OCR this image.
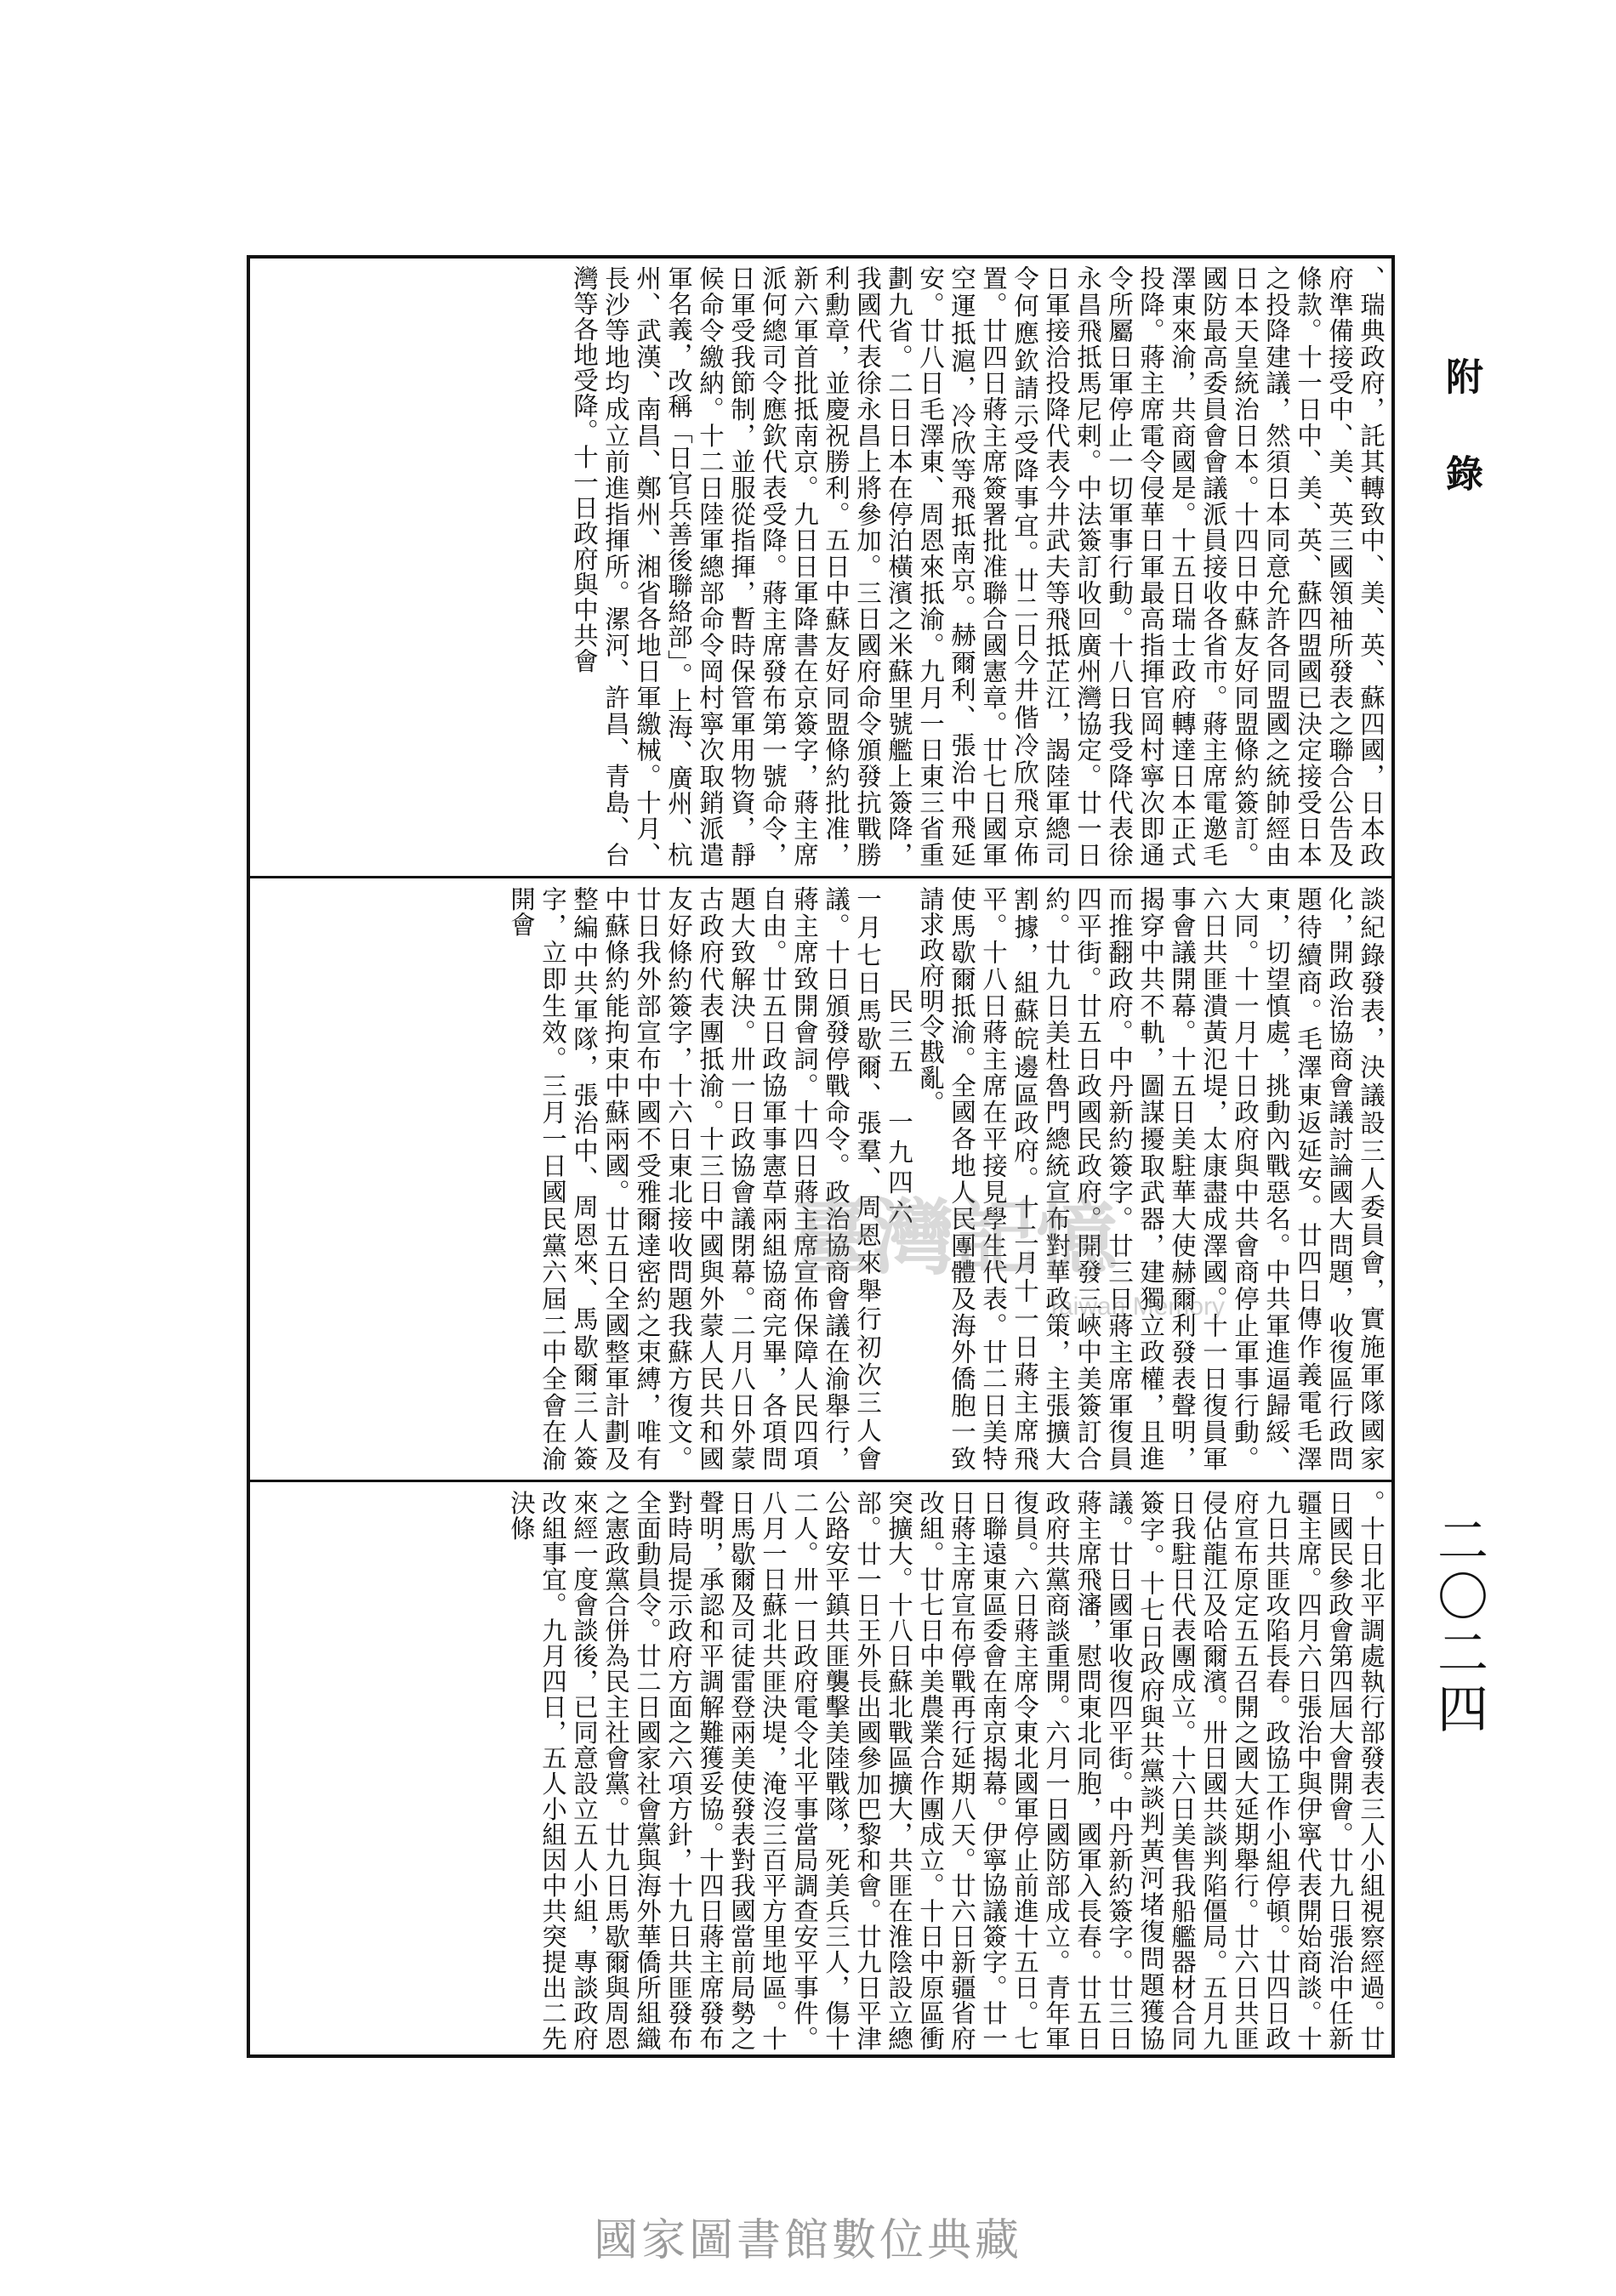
附錄
二〇二四

、瑞典政府，託其轉致中、美、英、蘇四國，日本政府準備接受中、美、英三國領袖所發表之聯合公告及條款。十一日中、美、英、蘇四盟國已決定接受日本之投降建議，然須日本同意允許各同盟國之統帥經由日本天皇統治日本。十四日中蘇友好同盟條約簽訂。國防最高委員會會議派員接收各省市。蔣主席電邀毛澤東來渝，共商國是。十五日瑞士政府轉達日本正式投降。蔣主席電令侵華日軍最高指揮官岡村寧次即通令所屬日軍停止一切軍事行動。十八日我受降代表徐永昌飛抵馬尼剌。中法簽訂收回廣州灣協定。廿一日日軍接洽投降代表今井武夫等飛抵芷江，謁陸軍總司令何應欽請示受降事宜。廿二日今井偕冷欣飛京佈置。廿四日蔣主席簽署批准聯合國憲章。廿七日國軍空運抵滬，冷欣等飛抵南京。赫爾利、張治中飛延安。廿八日毛澤東、周恩來抵渝。九月一日東三省重劃九省。二日日本在停泊橫濱之米蘇里號艦上簽降，我國代表徐永昌上將參加。三日國府命令頒發抗戰勝利勳章，並慶祝勝利。五日中蘇友好同盟條約批准，新六軍首批抵南京。九日日軍降書在京簽字，蔣主席派何總司令應欽代表受降。蔣主席發布第一號命令，日軍受我節制，並服從指揮，暫時保管軍用物資，靜候命令繳納。十二日陸軍總部命令岡村寧次取銷派遣軍名義，改稱「日官兵善後聯絡部」。上海、廣州、杭州、武漢、南昌、鄭州、湘省各地日軍繳械。十月、長沙等地均成立前進指揮所。漯河、許昌、青島、台灣等各地受降。十一日政府與中共會

談紀錄發表，決議設三人委員會，實施軍隊國家化，開政治協商會議討論國大問題，收復區行政問題待續商。毛澤東返延安。廿四日傳作義電毛澤東，切望慎處，挑動內戰惡名。中共軍進逼歸綏、大同。十一月十日政府與中共會商停止軍事行動。六日共匪潰黃氾堤，太康盡成澤國。十一日復員軍事會議開幕。十五日美駐華大使赫爾利發表聲明，揭穿中共不軌，圖謀擾取武器，建獨立政權，且進而推翻政府。中丹新約簽字。廿三日蔣主席軍復員四平街。廿五日政國民政府。開發三峽中美簽訂合約。廿九日美杜魯門總統宣布對華政策，主張擴大割據，組蘇皖邊區政府。十二月十一日蔣主席飛平。十八日蔣主席在平接見學生代表。廿二日美特使馬歇爾抵渝。全國各地人民團體及海外僑胞一致請求政府明令戡亂。

民三五　一九四六

一月七日馬歇爾、張羣、周恩來舉行初次三人會議。十日頒發停戰命令。政治協商會議在渝舉行，蔣主席致開會詞。十四日蔣主席宣佈保障人民四項自由。廿五日政協軍事憲草兩組協商完畢，各項問題大致解決。卅一日政協會議閉幕。二月八日外蒙古政府代表團抵渝。十三日中國與外蒙人民共和國友好條約簽字，十六日東北接收問題我蘇方復文。廿日我外部宣布中國不受雅爾達密約之束縛，唯有中蘇條約能拘束中蘇兩國。廿五日全國整軍計劃及整編中共軍隊，張治中、周恩來、馬歇爾三人簽字，立即生效。三月一日國民黨六屆二中全會在渝開會

。十日北平調處執行部發表三人小組視察經過。廿日國民參政會第四屆大會開會。廿九日張治中任新疆主席。四月六日張治中與伊寧代表開始商談。十九日共匪攻陷長春。政協工作小組停頓。廿四日政府宣布原定五五召開之國大延期舉行。廿六日共匪侵佔龍江及哈爾濱。卅日國共談判陷僵局。五月九日我駐日代表團成立。十六日美售我船艦器材合同簽字。十七日政府與共黨談判黃河堵復問題獲協議。廿日國軍收復四平街。中丹新約簽字。廿三日蔣主席飛瀋，慰問東北同胞，國軍入長春。廿五日政府共黨商談重開。六月一日國防部成立。青年軍復員。六日蔣主席令東北國軍停止前進十五日。七日聯遠東區委會在南京揭幕。伊寧協議簽字。廿一日蔣主席宣布停戰再行延期八天。廿六日新疆省府改組。廿七日中美農業合作團成立。十日中原區衝突擴大。十八日蘇北戰區擴大，共匪在淮陰設立總部。廿一日王外長出國參加巴黎和會。廿九日平津公路安平鎮共匪襲擊美陸戰隊，死美兵三人，傷十二人。卅一日政府電令北平事當局調查安平事件。八月一日蘇北共匪決堤，淹沒三百平方里地區。十日馬歇爾及司徒雷登兩美使發表對我國當前局勢之聲明，承認和平調解難獲妥協。十四日蔣主席發布對時局提示政府方面之六項方針，十九日共匪發布全面動員令。廿二日國家社會黨與海外華僑所組織之憲政黨合併為民主社會黨。廿九日馬歇爾與周恩來經一度會談後，已同意設立五人小組，專談政府改組事宜。九月四日，五人小組因中共突提出二先決條

臺灣記憶
Taiwan Memory
國家圖書館數位典藏
